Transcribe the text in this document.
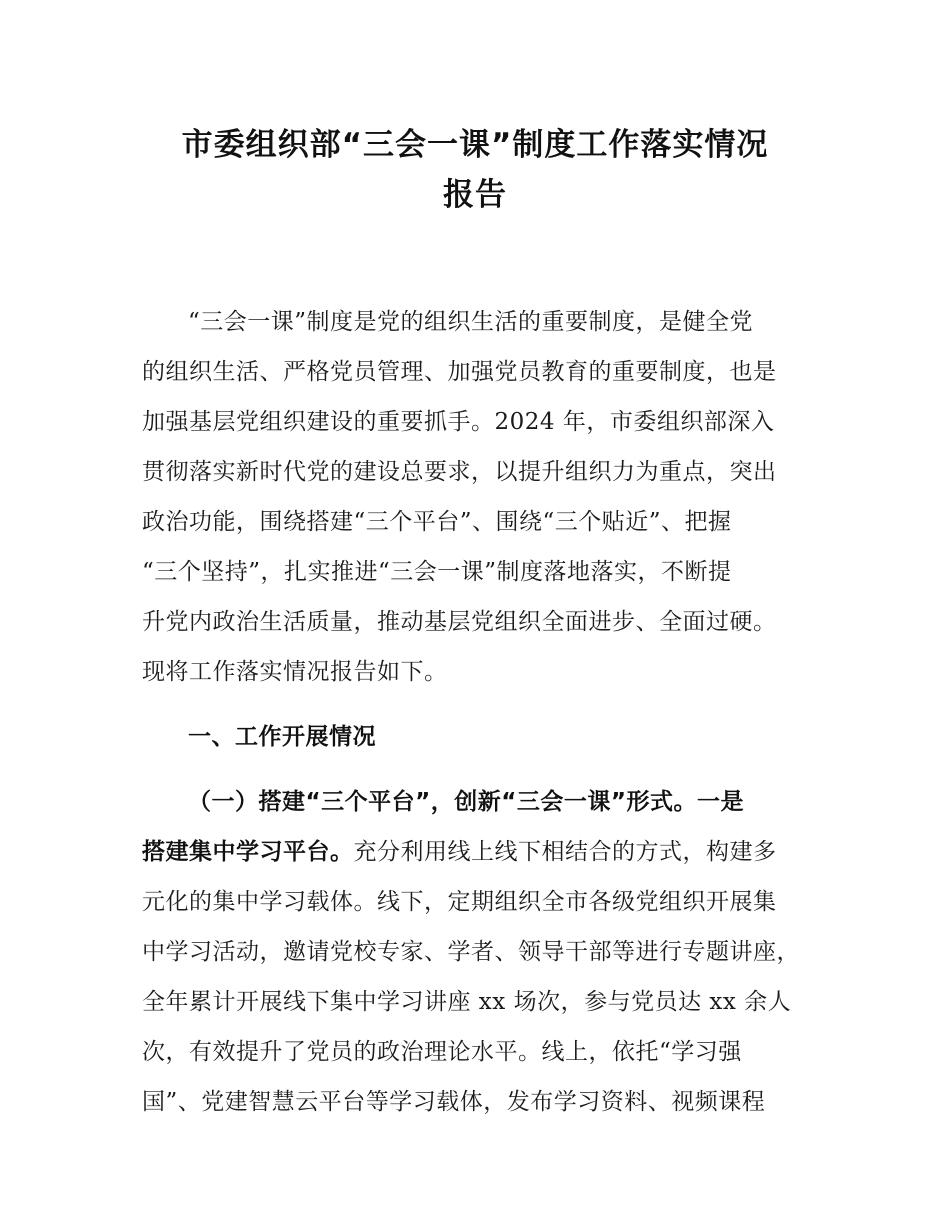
市委组织部“三会一课”制度工作落实情况
报告
“三会一课”制度是党的组织生活的重要制度，是健全党
的组织生活、严格党员管理、加强党员教育的重要制度，也是
加强基层党组织建设的重要抓手。2024 年，市委组织部深入
贯彻落实新时代党的建设总要求，以提升组织力为重点，突出
政治功能，围绕搭建“三个平台”、围绕“三个贴近”、把握
“三个坚持”，扎实推进“三会一课”制度落地落实，不断提
升党内政治生活质量，推动基层党组织全面进步、全面过硬。
现将工作落实情况报告如下。
一、工作开展情况
（一）搭建“三个平台”，创新“三会一课”形式。一是
搭建集中学习平台。充分利用线上线下相结合的方式，构建多
元化的集中学习载体。线下，定期组织全市各级党组织开展集
中学习活动，邀请党校专家、学者、领导干部等进行专题讲座，
全年累计开展线下集中学习讲座 xx 场次，参与党员达 xx 余人
次，有效提升了党员的政治理论水平。线上，依托“学习强
国”、党建智慧云平台等学习载体，发布学习资料、视频课程
